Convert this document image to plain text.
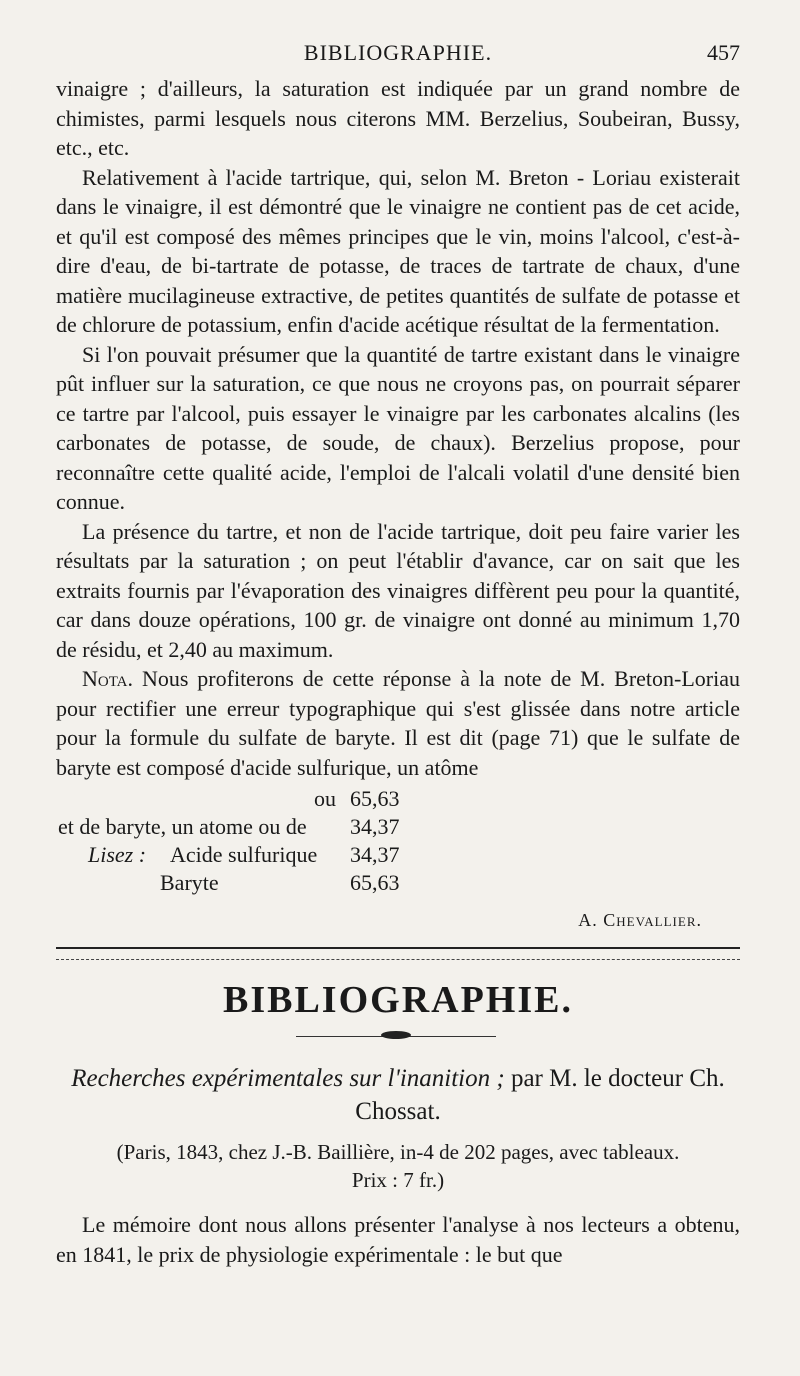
BIBLIOGRAPHIE.	457

vinaigre ; d'ailleurs, la saturation est indiquée par un grand nombre de chimistes, parmi lesquels nous citerons MM. Berzelius, Soubeiran, Bussy, etc., etc.

Relativement à l'acide tartrique, qui, selon M. Breton - Loriau existerait dans le vinaigre, il est démontré que le vinaigre ne contient pas de cet acide, et qu'il est composé des mêmes principes que le vin, moins l'alcool, c'est-à-dire d'eau, de bi-tartrate de potasse, de traces de tartrate de chaux, d'une matière mucilagineuse extractive, de petites quantités de sulfate de potasse et de chlorure de potassium, enfin d'acide acétique résultat de la fermentation.

Si l'on pouvait présumer que la quantité de tartre existant dans le vinaigre pût influer sur la saturation, ce que nous ne croyons pas, on pourrait séparer ce tartre par l'alcool, puis essayer le vinaigre par les carbonates alcalins (les carbonates de potasse, de soude, de chaux). Berzelius propose, pour reconnaître cette qualité acide, l'emploi de l'alcali volatil d'une densité bien connue.

La présence du tartre, et non de l'acide tartrique, doit peu faire varier les résultats par la saturation ; on peut l'établir d'avance, car on sait que les extraits fournis par l'évaporation des vinaigres diffèrent peu pour la quantité, car dans douze opérations, 100 gr. de vinaigre ont donné au minimum 1,70 de résidu, et 2,40 au maximum.

Nota. Nous profiterons de cette réponse à la note de M. Breton-Loriau pour rectifier une erreur typographique qui s'est glissée dans notre article pour la formule du sulfate de baryte. Il est dit (page 71) que le sulfate de baryte est composé d'acide sulfurique, un atôme

ou 65,63
et de baryte, un atome ou de 34,37
Lisez : Acide sulfurique 34,37
Baryte	65,63
A. Chevallier.
BIBLIOGRAPHIE.
Recherches expérimentales sur l'inanition ; par M. le docteur Ch. Chossat.
(Paris, 1843, chez J.-B. Baillière, in-4 de 202 pages, avec tableaux.
Prix : 7 fr.)

Le mémoire dont nous allons présenter l'analyse à nos lecteurs a obtenu, en 1841, le prix de physiologie expérimentale : le but que
